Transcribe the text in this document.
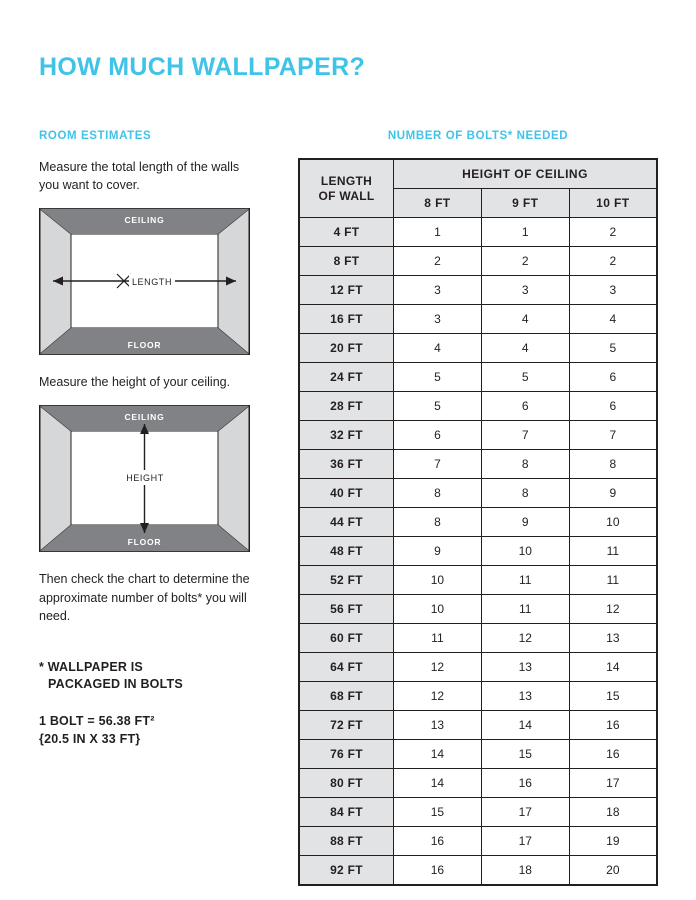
HOW MUCH WALLPAPER?
ROOM ESTIMATES

Measure the total length of the walls you want to cover.

CEILING
FLOOR
LENGTH

Measure the height of your ceiling.

CEILING
FLOOR
HEIGHT

Then check the chart to determine the approximate number of bolts* you will need.

* WALLPAPER IS
PACKAGED IN BOLTS
1 BOLT = 56.38 FT²
{20.5 IN X 33 FT}
NUMBER OF BOLTS* NEEDED
LENGTH
OF WALL	HEIGHT OF CEILING		
	8 FT	9 FT	10 FT
4 FT	1	1	2
8 FT	2	2	2
12 FT	3	3	3
16 FT	3	4	4
20 FT	4	4	5
24 FT	5	5	6
28 FT	5	6	6
32 FT	6	7	7
36 FT	7	8	8
40 FT	8	8	9
44 FT	8	9	10
48 FT	9	10	11
52 FT	10	11	11
56 FT	10	11	12
60 FT	11	12	13
64 FT	12	13	14
68 FT	12	13	15
72 FT	13	14	16
76 FT	14	15	16
80 FT	14	16	17
84 FT	15	17	18
88 FT	16	17	19
92 FT	16	18	20
